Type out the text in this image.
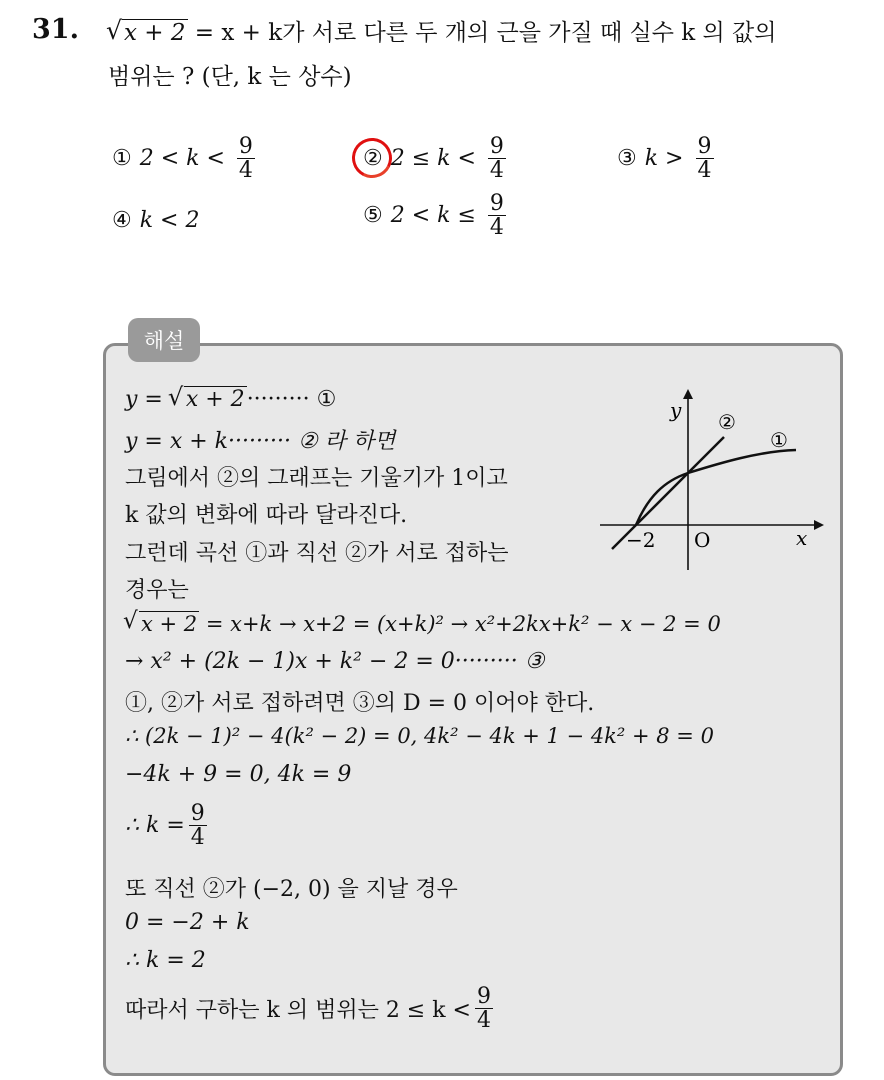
31.
√	x + 2 = x + k가 서로 다른 두 개의 근을 가질 때 실수 k 의 값의
범위는 ? (단, k 는 상수)
① $2 < k < \frac{9}{4}$	② $2 \le k < \frac{9}{4}$	③ $k > \frac{9}{4}$
④ k < 2	⑤ $2 < k \le \frac{9}{4}$
해설
y = √ x + 2········· ①
y = x + k········· ② 라 하면
그림에서 ②의 그래프는 기울기가 1이고
k 값의 변화에 따라 달라진다.
그런데 곡선 ①과 직선 ②가 서로 접하는
경우는
√ x + 2 = x+k → x+2 = (x+k)² → x²+2kx+k² − x − 2 = 0
→ x² + (2k − 1)x + k² − 2 = 0········· ③
①, ②가 서로 접하려면 ③의 D = 0 이어야 한다.
∴ (2k − 1)² − 4(k² − 2) = 0, 4k² − 4k + 1 − 4k² + 8 = 0
−4k + 9 = 0, 4k = 9
∴ $k = \frac{9}{4}$
또 직선 ②가 (−2, 0) 을 지날 경우
0 = −2 + k
∴ k = 2
따라서 구하는 k 의 범위는 $2 \le k < \frac{9}{4}$
y
x
O
−2
①
②
